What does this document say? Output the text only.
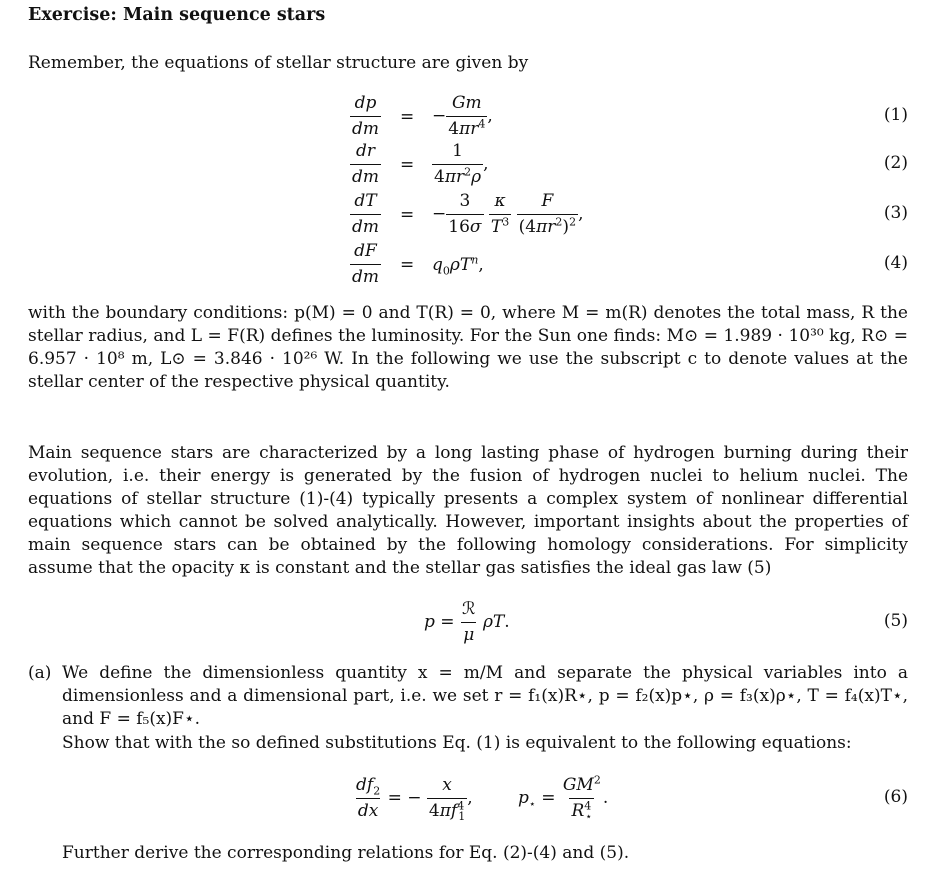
Exercise: Main sequence stars
Remember, the equations of stellar structure are given by
$\frac{dp}{dm}$ = − $\frac{Gm}{4\pi r^4}$ ,	(1)
$\frac{dr}{dm} = \frac{1}{4\pi r^2\rho}$ ,	(2)
$\frac{dT}{dm}$ = − $\frac{3}{16\sigma}$
$\frac{\kappa}{T^3}$
$\frac{F}{(4\pi r^2)^2}$ ,	(3)
$\frac{dF}{dm} = q_0\rho T^n$,	(4)
with the boundary conditions: p(M) = 0 and T(R) = 0, where M = m(R) denotes the total mass, R the stellar radius, and L = F(R) defines the luminosity. For the Sun one finds: M⊙ = 1.989 · 10³⁰ kg, R⊙ = 6.957 · 10⁸ m, L⊙ = 3.846 · 10²⁶ W. In the following we use the subscript c to denote values at the stellar center of the respective physical quantity.
Main sequence stars are characterized by a long lasting phase of hydrogen burning during their evolution, i.e. their energy is generated by the fusion of hydrogen nuclei to helium nuclei. The equations of stellar structure (1)-(4) typically presents a complex system of nonlinear differential equations which cannot be solved analytically. However, important insights about the properties of main sequence stars can be obtained by the following homology considerations. For simplicity assume that the opacity κ is constant and the stellar gas satisfies the ideal gas law (5)
$p = \frac{\text{ℛ}}{\mu} \rho T$.	(5)
(a) We define the dimensionless quantity x = m/M and separate the physical variables into a dimensionless and a dimensional part, i.e. we set r = f₁(x)R⋆, p = f₂(x)p⋆, ρ = f₃(x)ρ⋆, T = f₄(x)T⋆, and F = f₅(x)F⋆.
Show that with the so defined substitutions Eq. (1) is equivalent to the following equations:
$\frac{df_2}{dx}$ = − $\frac{x}{4\pi f^4_1}$ ,	$p_⋆ = \frac{GM^2}{R^4_⋆}$ .	(6)
Further derive the corresponding relations for Eq. (2)-(4) and (5).
